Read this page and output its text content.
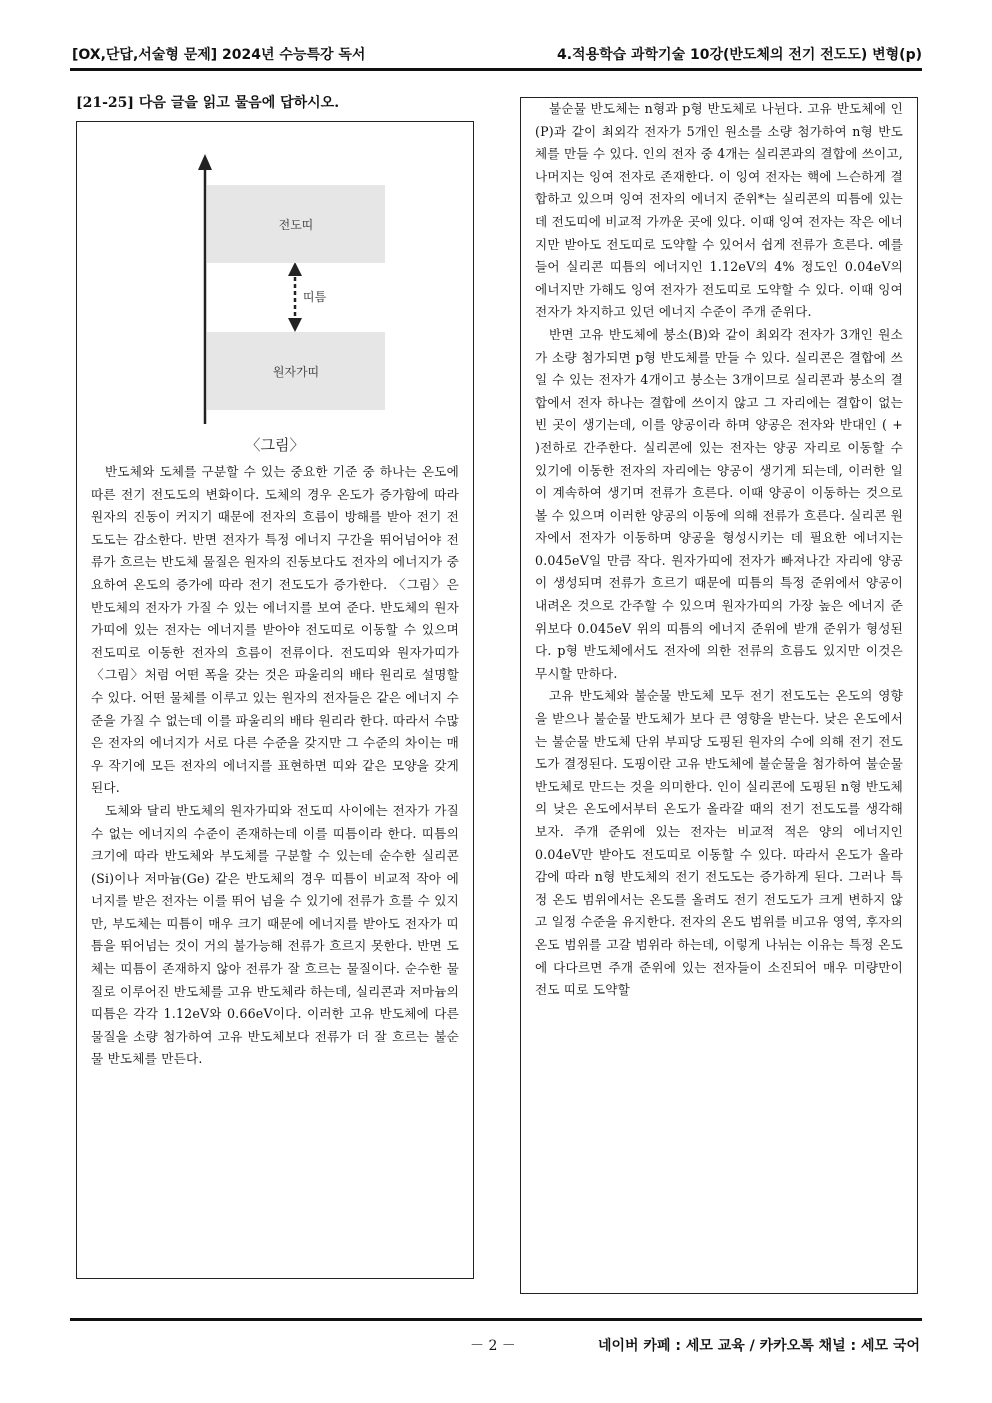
[OX,단답,서술형 문제] 2024년 수능특강 독서	4.적용학습 과학기술 10강(반도체의 전기 전도도) 변형(p)
[21-25] 다음 글을 읽고 물음에 답하시오.
전도띠
띠틈
원자가띠
〈그림〉

반도체와 도체를 구분할 수 있는 중요한 기준 중 하나는 온도에 따른 전기 전도도의 변화이다. 도체의 경우 온도가 증가함에 따라 원자의 진동이 커지기 때문에 전자의 흐름이 방해를 받아 전기 전도도는 감소한다. 반면 전자가 특정 에너지 구간을 뛰어넘어야 전류가 흐르는 반도체 물질은 원자의 진동보다도 전자의 에너지가 중요하여 온도의 증가에 따라 전기 전도도가 증가한다. 〈그림〉은 반도체의 전자가 가질 수 있는 에너지를 보여 준다. 반도체의 원자가띠에 있는 전자는 에너지를 받아야 전도띠로 이동할 수 있으며 전도띠로 이동한 전자의 흐름이 전류이다. 전도띠와 원자가띠가 〈그림〉처럼 어떤 폭을 갖는 것은 파울리의 배타 원리로 설명할 수 있다. 어떤 물체를 이루고 있는 원자의 전자들은 같은 에너지 수준을 가질 수 없는데 이를 파울리의 배타 원리라 한다. 따라서 수많은 전자의 에너지가 서로 다른 수준을 갖지만 그 수준의 차이는 매우 작기에 모든 전자의 에너지를 표현하면 띠와 같은 모양을 갖게 된다.

도체와 달리 반도체의 원자가띠와 전도띠 사이에는 전자가 가질 수 없는 에너지의 수준이 존재하는데 이를 띠틈이라 한다. 띠틈의 크기에 따라 반도체와 부도체를 구분할 수 있는데 순수한 실리콘(Si)이나 저마늄(Ge) 같은 반도체의 경우 띠틈이 비교적 작아 에너지를 받은 전자는 이를 뛰어 넘을 수 있기에 전류가 흐를 수 있지만, 부도체는 띠틈이 매우 크기 때문에 에너지를 받아도 전자가 띠틈을 뛰어넘는 것이 거의 불가능해 전류가 흐르지 못한다. 반면 도체는 띠틈이 존재하지 않아 전류가 잘 흐르는 물질이다. 순수한 물질로 이루어진 반도체를 고유 반도체라 하는데, 실리콘과 저마늄의 띠틈은 각각 1.12eV와 0.66eV이다. 이러한 고유 반도체에 다른 물질을 소량 첨가하여 고유 반도체보다 전류가 더 잘 흐르는 불순물 반도체를 만든다.

불순물 반도체는 n형과 p형 반도체로 나뉜다. 고유 반도체에 인(P)과 같이 최외각 전자가 5개인 원소를 소량 첨가하여 n형 반도체를 만들 수 있다. 인의 전자 중 4개는 실리콘과의 결합에 쓰이고, 나머지는 잉여 전자로 존재한다. 이 잉여 전자는 핵에 느슨하게 결합하고 있으며 잉여 전자의 에너지 준위*는 실리콘의 띠틈에 있는데 전도띠에 비교적 가까운 곳에 있다. 이때 잉여 전자는 작은 에너지만 받아도 전도띠로 도약할 수 있어서 쉽게 전류가 흐른다. 예를 들어 실리콘 띠틈의 에너지인 1.12eV의 4% 정도인 0.04eV의 에너지만 가해도 잉여 전자가 전도띠로 도약할 수 있다. 이때 잉여 전자가 차지하고 있던 에너지 수준이 주개 준위다.

반면 고유 반도체에 붕소(B)와 같이 최외각 전자가 3개인 원소가 소량 첨가되면 p형 반도체를 만들 수 있다. 실리콘은 결합에 쓰일 수 있는 전자가 4개이고 붕소는 3개이므로 실리콘과 붕소의 결합에서 전자 하나는 결합에 쓰이지 않고 그 자리에는 결합이 없는 빈 곳이 생기는데, 이를 양공이라 하며 양공은 전자와 반대인 ( + )전하로 간주한다. 실리콘에 있는 전자는 양공 자리로 이동할 수 있기에 이동한 전자의 자리에는 양공이 생기게 되는데, 이러한 일이 계속하여 생기며 전류가 흐른다. 이때 양공이 이동하는 것으로 볼 수 있으며 이러한 양공의 이동에 의해 전류가 흐른다. 실리콘 원자에서 전자가 이동하며 양공을 형성시키는 데 필요한 에너지는 0.045eV일 만큼 작다. 원자가띠에 전자가 빠져나간 자리에 양공이 생성되며 전류가 흐르기 때문에 띠틈의 특정 준위에서 양공이 내려온 것으로 간주할 수 있으며 원자가띠의 가장 높은 에너지 준위보다 0.045eV 위의 띠틈의 에너지 준위에 받개 준위가 형성된다. p형 반도체에서도 전자에 의한 전류의 흐름도 있지만 이것은 무시할 만하다.

고유 반도체와 불순물 반도체 모두 전기 전도도는 온도의 영향을 받으나 불순물 반도체가 보다 큰 영향을 받는다. 낮은 온도에서는 불순물 반도체 단위 부피당 도핑된 원자의 수에 의해 전기 전도도가 결정된다. 도핑이란 고유 반도체에 불순물을 첨가하여 불순물 반도체로 만드는 것을 의미한다. 인이 실리콘에 도핑된 n형 반도체의 낮은 온도에서부터 온도가 올라갈 때의 전기 전도도를 생각해 보자. 주개 준위에 있는 전자는 비교적 적은 양의 에너지인 0.04eV만 받아도 전도띠로 이동할 수 있다. 따라서 온도가 올라감에 따라 n형 반도체의 전기 전도도는 증가하게 된다. 그러나 특정 온도 범위에서는 온도를 올려도 전기 전도도가 크게 변하지 않고 일정 수준을 유지한다. 전자의 온도 범위를 비고유 영역, 후자의 온도 범위를 고갈 범위라 하는데, 이렇게 나뉘는 이유는 특정 온도에 다다르면 주개 준위에 있는 전자들이 소진되어 매우 미량만이 전도 띠로 도약할

－ 2 －	네이버 카페 : 세모 교육 / 카카오톡 채널 : 세모 국어
